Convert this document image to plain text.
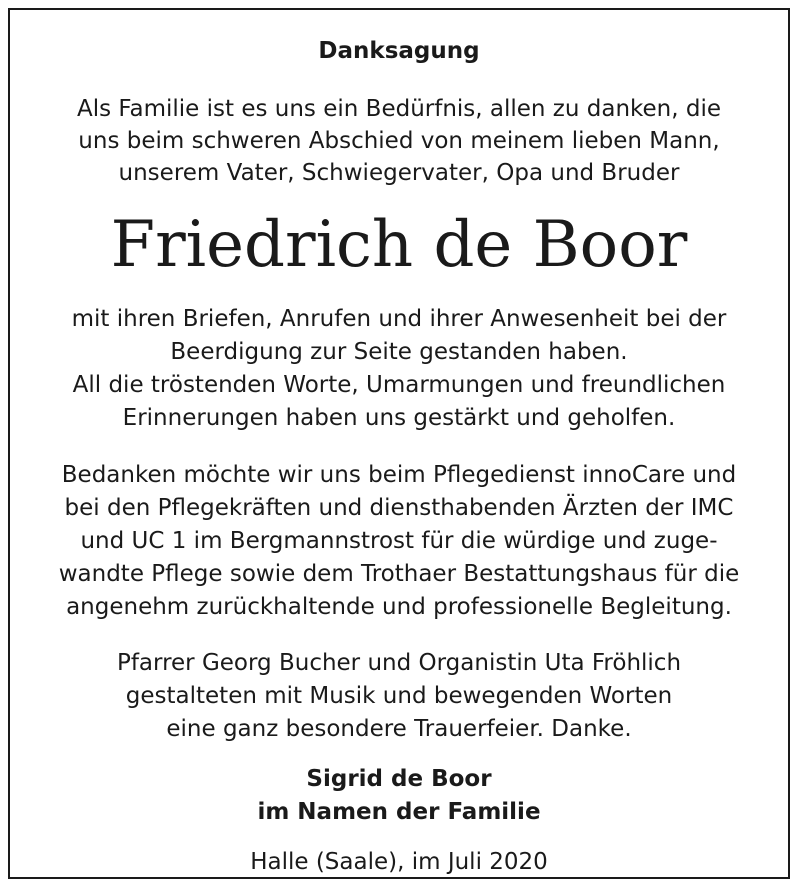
Danksagung
Als Familie ist es uns ein Bedürfnis, allen zu danken, die
uns beim schweren Abschied von meinem lieben Mann,
unserem Vater, Schwiegervater, Opa und Bruder
Friedrich de Boor
mit ihren Briefen, Anrufen und ihrer Anwesenheit bei der
Beerdigung zur Seite gestanden haben.
All die tröstenden Worte, Umarmungen und freundlichen
Erinnerungen haben uns gestärkt und geholfen.
Bedanken möchte wir uns beim Pflegedienst innoCare und
bei den Pflegekräften und diensthabenden Ärzten der IMC
und UC 1 im Bergmannstrost für die würdige und zuge-
wandte Pflege sowie dem Trothaer Bestattungshaus für die
angenehm zurückhaltende und professionelle Begleitung.
Pfarrer Georg Bucher und Organistin Uta Fröhlich
gestalteten mit Musik und bewegenden Worten
eine ganz besondere Trauerfeier. Danke.
Sigrid de Boor
im Namen der Familie
Halle (Saale), im Juli 2020
